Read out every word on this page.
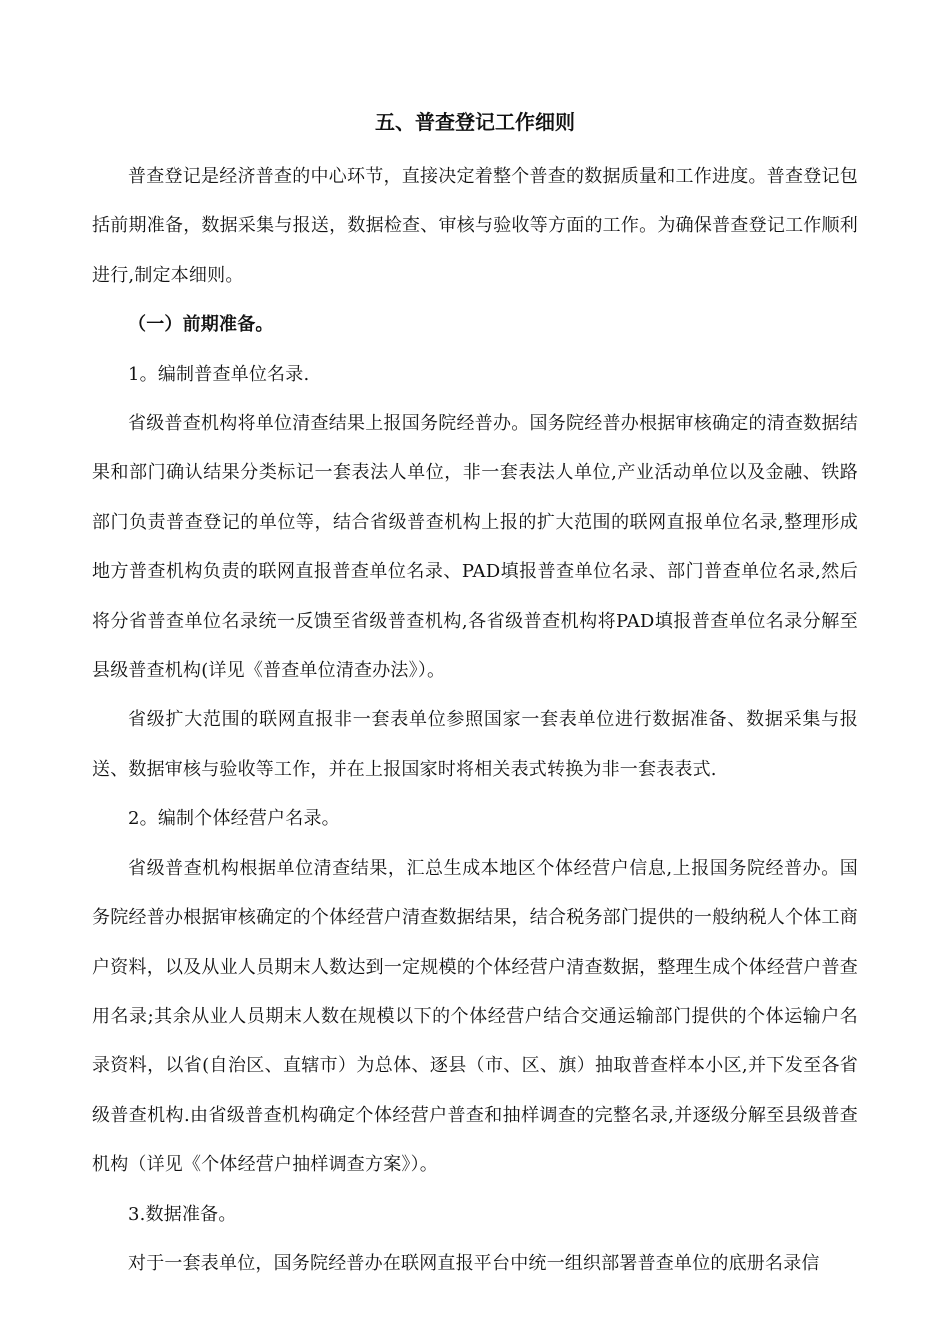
五、普查登记工作细则

普查登记是经济普查的中心环节，直接决定着整个普查的数据质量和工作进度。普查登记包括前期准备，数据采集与报送，数据检查、审核与验收等方面的工作。为确保普查登记工作顺利进行,制定本细则。

（一）前期准备。

1。编制普查单位名录.

省级普查机构将单位清查结果上报国务院经普办。国务院经普办根据审核确定的清查数据结果和部门确认结果分类标记一套表法人单位，非一套表法人单位,产业活动单位以及金融、铁路部门负责普查登记的单位等，结合省级普查机构上报的扩大范围的联网直报单位名录,整理形成地方普查机构负责的联网直报普查单位名录、PAD填报普查单位名录、部门普查单位名录,然后将分省普查单位名录统一反馈至省级普查机构,各省级普查机构将PAD填报普查单位名录分解至县级普查机构(详见《普查单位清查办法》）。

省级扩大范围的联网直报非一套表单位参照国家一套表单位进行数据准备、数据采集与报送、数据审核与验收等工作，并在上报国家时将相关表式转换为非一套表表式.

2。编制个体经营户名录。

省级普查机构根据单位清查结果，汇总生成本地区个体经营户信息,上报国务院经普办。国务院经普办根据审核确定的个体经营户清查数据结果，结合税务部门提供的一般纳税人个体工商户资料，以及从业人员期末人数达到一定规模的个体经营户清查数据，整理生成个体经营户普查用名录;其余从业人员期末人数在规模以下的个体经营户结合交通运输部门提供的个体运输户名录资料，以省(自治区、直辖市）为总体、逐县（市、区、旗）抽取普查样本小区,并下发至各省级普查机构.由省级普查机构确定个体经营户普查和抽样调查的完整名录,并逐级分解至县级普查机构（详见《个体经营户抽样调查方案》）。

3.数据准备。

对于一套表单位，国务院经普办在联网直报平台中统一组织部署普查单位的底册名录信
